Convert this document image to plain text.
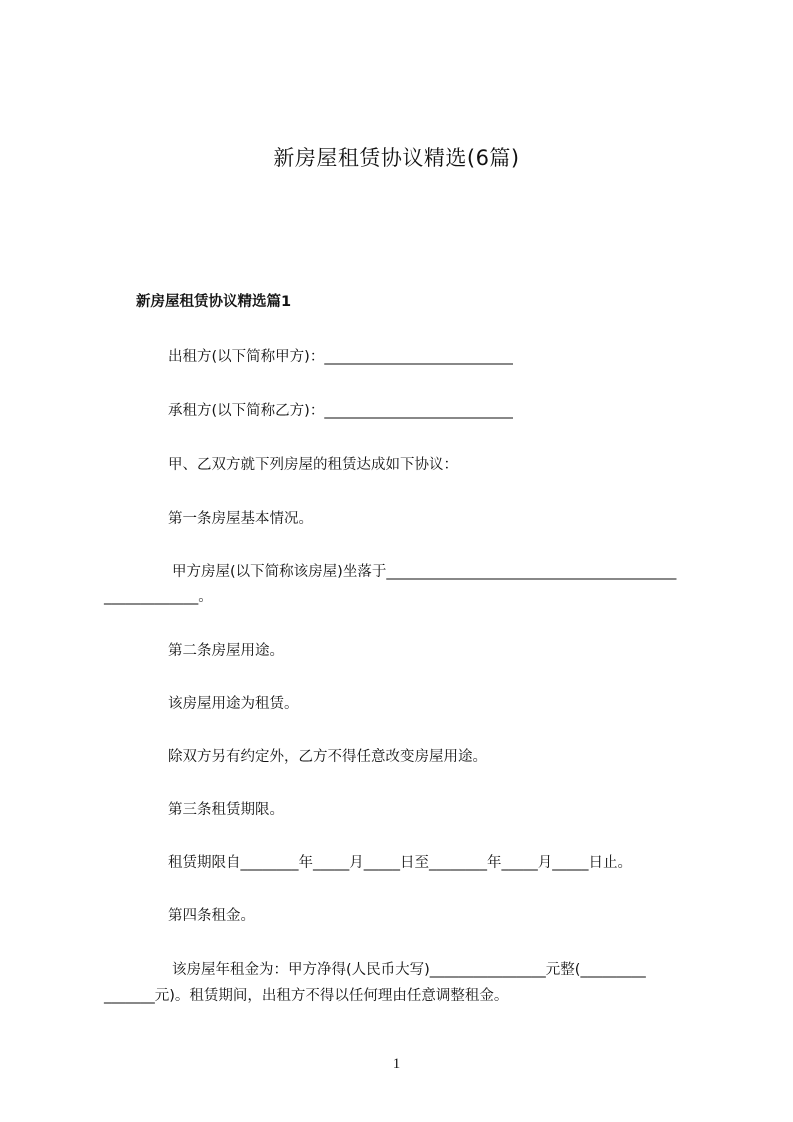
新房屋租赁协议精选(6篇)
新房屋租赁协议精选篇1
出租方(以下简称甲方)：__________________________
承租方(以下简称乙方)：__________________________
甲、乙双方就下列房屋的租赁达成如下协议：
第一条房屋基本情况。
甲方房屋(以下简称该房屋)坐落于________________________________________
_____________。
第二条房屋用途。
该房屋用途为租赁。
除双方另有约定外，乙方不得任意改变房屋用途。
第三条租赁期限。
租赁期限自________年_____月_____日至________年_____月_____日止。
第四条租金。
该房屋年租金为：甲方净得(人民币大写)________________元整(_________
_______元)。租赁期间，出租方不得以任何理由任意调整租金。
1
